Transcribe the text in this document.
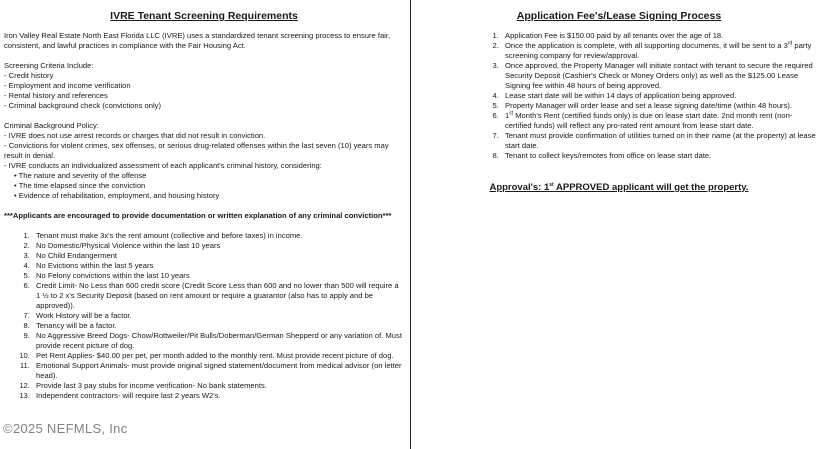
IVRE Tenant Screening Requirements

Iron Valley Real Estate North East Florida LLC (IVRE) uses a standardized tenant screening process to ensure fair, consistent, and lawful practices in compliance with the Fair Housing Act.

Screening Criteria Include:
- Credit history
- Employment and income verification
- Rental history and references
- Criminal background check (convictions only)
Criminal Background Policy:
- IVRE does not use arrest records or charges that did not result in conviction.
- Convictions for violent crimes, sex offenses, or serious drug-related offenses within the last seven (10) years may result in denial.
- IVRE conducts an individualized assessment of each applicant's criminal history, considering:
• The nature and severity of the offense
• The time elapsed since the conviction
• Evidence of rehabilitation, employment, and housing history

***Applicants are encouraged to provide documentation or written explanation of any criminal conviction***

1. Tenant must make 3x's the rent amount (collective and before taxes) in income.
2. No Domestic/Physical Violence within the last 10 years
3. No Child Endangerment
4. No Evictions within the last 5 years
5. No Felony convictions within the last 10 years
6. Credit Limit- No Less than 600 credit score (Credit Score Less than 600 and no lower than 500 will require a 1 ½ to 2 x's Security Deposit (based on rent amount or require a guarantor (also has to apply and be approved)).
7. Work History will be a factor.
8. Tenancy will be a factor.
9. No Aggressive Breed Dogs- Chow/Rottweiler/Pit Bulls/Doberman/German Shepperd or any variation of. Must provide recent picture of dog.
10. Pet Rent Applies- $40.00 per pet, per month added to the monthly rent. Must provide recent picture of dog.
11. Emotional Support Animals- must provide original signed statement/document from medical advisor (on letter head).
12. Provide last 3 pay stubs for income verification- No bank statements.
13. Independent contractors- will require last 2 years W2's.
Application Fee's/Lease Signing Process
1. Application Fee is $150.00 paid by all tenants over the age of 18.
2. Once the application is complete, with all supporting documents, it will be sent to a 3rd party screening company for review/approval.
3. Once approved, the Property Manager will initiate contact with tenant to secure the required Security Deposit (Cashier's Check or Money Orders only) as well as the $125.00 Lease Signing fee within 48 hours of being approved.
4. Lease start date will be within 14 days of application being approved.
5. Property Manager will order lease and set a lease signing date/time (within 48 hours).
6. 1st Month's Rent (certified funds only) is due on lease start date. 2nd month rent (non-certified funds) will reflect any pro-rated rent amount from lease start date.
7. Tenant must provide confirmation of utilities turned on in their name (at the property) at lease start date.
8. Tenant to collect keys/remotes from office on lease start date.
Approval's: 1st APPROVED applicant will get the property.
©2025 NEFMLS, Inc
